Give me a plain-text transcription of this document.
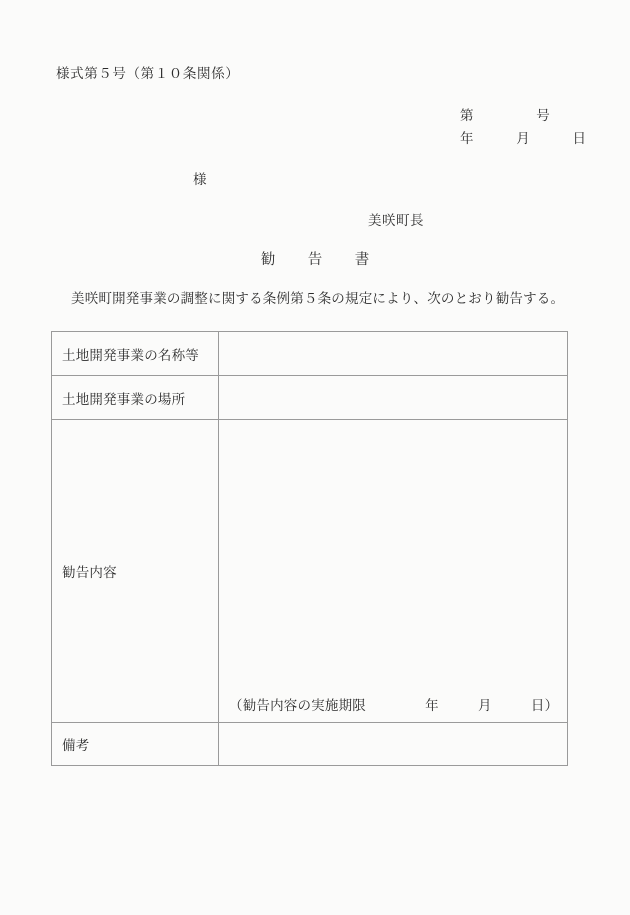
様式第５号（第１０条関係）
第	号
年	月	日
様
美咲町長
勧　告　書
美咲町開発事業の調整に関する条例第５条の規定により、次のとおり勧告する。
土地開発事業の名称等	
土地開発事業の場所	
勧告内容	（勧告内容の実施期限 年 月 日）

備考	
